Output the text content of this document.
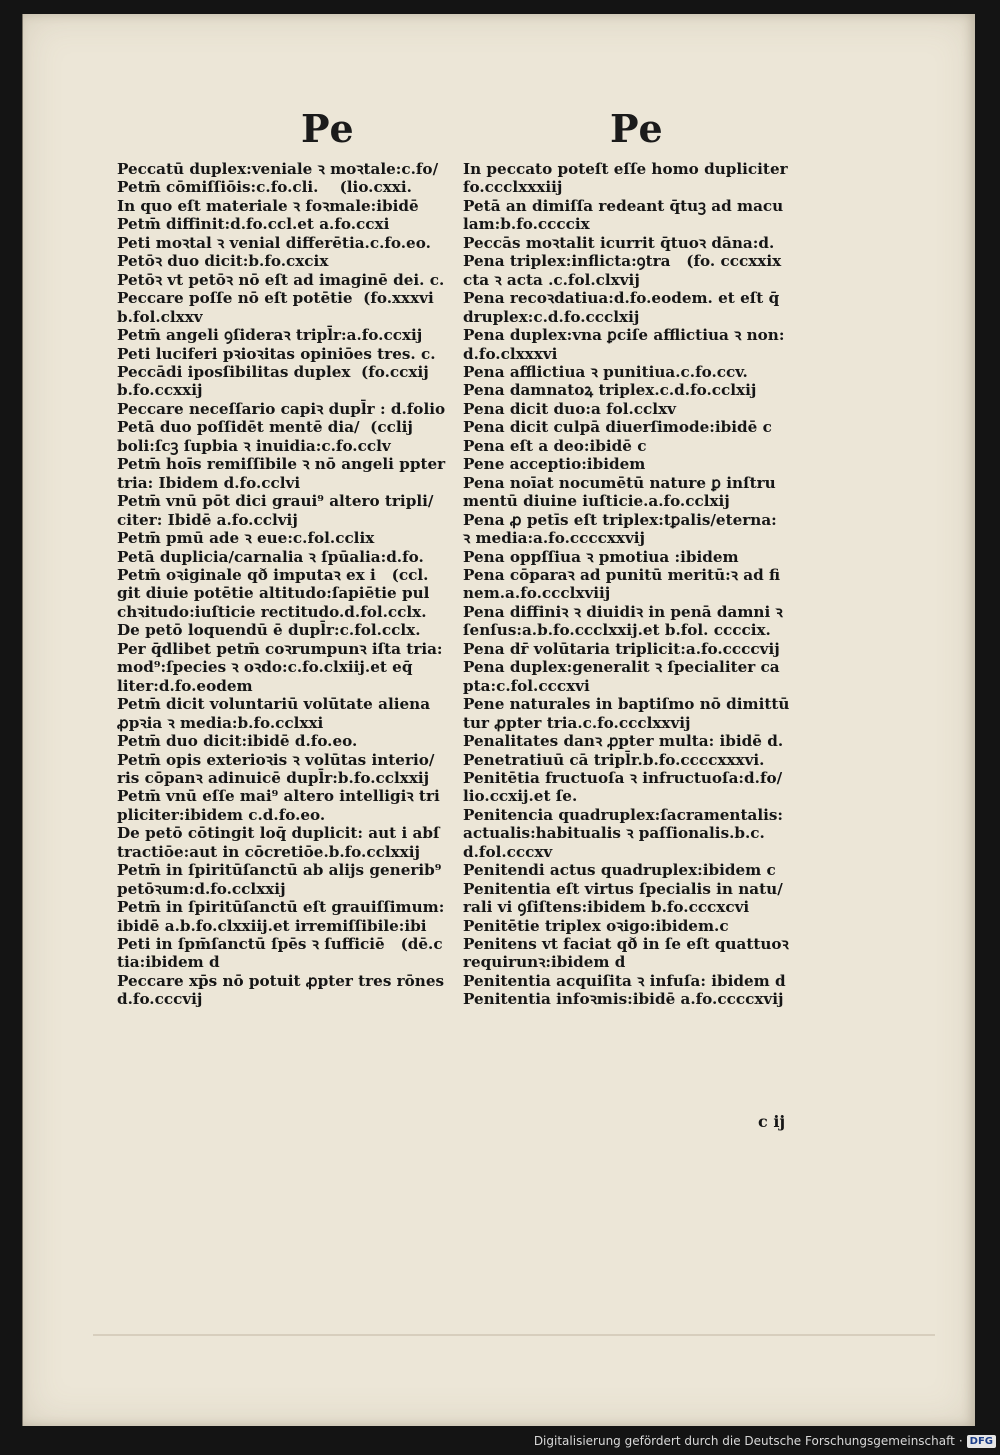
Pe	Pe
Peccatū duplex:veniale ꝛ moꝛtale:c.fo/
Petm̄ cōmiſſiōis:c.fo.cli.    (lio.cxxi.
In quo eſt materiale ꝛ foꝛmale:ibidē
Petm̄ diffinit:d.fo.ccl.et a.fo.ccxi
Peti moꝛtal ꝛ venial differētia.c.fo.eo.
Petōꝛ duo dicit:b.fo.cxcix
Petōꝛ vt petōꝛ nō eſt ad imaginē dei. c.
Peccare poſſe nō eſt potētie  (fo.xxxvi
b.fol.clxxv
Petm̄ angeli ꝯſideraꝛ tripl̄r:a.fo.ccxij
Peti luciferi pꝛioꝛitas opiniōes tres. c.
Peccādi iposſibilitas duplex  (fo.ccxij
b.fo.ccxxij
Peccare neceſſario capiꝛ dupl̄r : d.folio
Petā duo poſſidēt mentē dia/  (cclij
boli:ſcꝫ ſupbia ꝛ inuidia:c.fo.cclv
Petm̄ hoīs remiſſibile ꝛ nō angeli ppter
tria: Ibidem d.fo.cclvi
Petm̄ vnū pōt dici graui⁹ altero tripli/
citer: Ibidē a.fo.cclvij
Petm̄ pmū ade ꝛ eue:c.fol.cclix
Petā duplicia/carnalia ꝛ ſpūalia:d.fo.
Petm̄ oꝛiginale qð imputaꝛ ex i   (ccl.
git diuie potētie altitudo:ſapiētie pul
chꝛitudo:iuſticie rectitudo.d.fol.cclx.
De petō loquendū ē dupl̄r:c.fol.cclx.
Per q̄dlibet petm̄ coꝛrumpunꝛ iſta tria:
mod⁹:ſpecies ꝛ oꝛdo:c.fo.clxiij.et eq̄
liter:d.fo.eodem
Petm̄ dicit voluntariū volūtate aliena
ꝓpꝛia ꝛ media:b.fo.cclxxi
Petm̄ duo dicit:ibidē d.fo.eo.
Petm̄ opis exterioꝛis ꝛ volūtas interio/
ris cōpanꝛ adinuicē dupl̄r:b.fo.cclxxij
Petm̄ vnū eſſe mai⁹ altero intelligiꝛ tri
pliciter:ibidem c.d.fo.eo.
De petō cōtingit loq̄ duplicit: aut i abſ
tractiōe:aut in cōcretiōe.b.fo.cclxxij
Petm̄ in ſpiritūſanctū ab alijs generib⁹
petōꝛum:d.fo.cclxxij
Petm̄ in ſpiritūſanctū eſt grauiſſimum:
ibidē a.b.fo.clxxiij.et irremiſſibile:ibi
Peti in ſpm̄ſanctū ſpēs ꝛ ſufficiē   (dē.c
tia:ibidem d
Peccare xp̄s nō potuit ꝓpter tres rōnes
d.fo.cccvij
In peccato poteſt eſſe homo dupliciter
fo.ccclxxxiij
Petā an dimiſſa redeant q̄tuꝫ ad macu
lam:b.fo.ccccix
Peccās moꝛtalit icurrit q̄tuoꝛ dāna:d.
Pena triplex:inflicta:ꝯtra   (fo. cccxxix
cta ꝛ acta .c.fol.clxvij
Pena recoꝛdatiua:d.fo.eodem. et eſt q̄
druplex:c.d.fo.ccclxij
Pena duplex:vna ꝑciſe afflictiua ꝛ non:
d.fo.clxxxvi
Pena afflictiua ꝛ punitiua.c.fo.ccv.
Pena damnatoꝝ triplex.c.d.fo.cclxij
Pena dicit duo:a fol.cclxv
Pena dicit culpā diuerſimode:ibidē c
Pena eſt a deo:ibidē c
Pene acceptio:ibidem
Pena noīat nocumētū nature ꝑ inſtru
mentū diuine iuſticie.a.fo.cclxij
Pena ꝓ petīs eſt triplex:tꝑalis/eterna:
ꝛ media:a.fo.ccccxxvij
Pena oppſſiua ꝛ pmotiua :ibidem
Pena cōparaꝛ ad punitū meritū:ꝛ ad fi
nem.a.fo.ccclxviij
Pena diffiniꝛ ꝛ diuidiꝛ in penā damni ꝛ
ſenſus:a.b.fo.ccclxxij.et b.fol. ccccix.
Pena dr̄ volūtaria triplicit:a.fo.ccccvij
Pena duplex:generalit ꝛ ſpecialiter ca
pta:c.fol.cccxvi
Pene naturales in baptiſmo nō dimittū
tur ꝓpter tria.c.fo.ccclxxvij
Penalitates danꝛ ꝓpter multa: ibidē d.
Penetratiuū cā tripl̄r.b.fo.ccccxxxvi.
Penitētia fructuoſa ꝛ infructuoſa:d.fo/
lio.ccxij.et ſe.
Penitencia quadruplex:ſacramentalis:
actualis:habitualis ꝛ paſſionalis.b.c.
d.fol.cccxv
Penitendi actus quadruplex:ibidem c
Penitentia eſt virtus ſpecialis in natu/
rali vi ꝯſiſtens:ibidem b.fo.cccxcvi
Penitētie triplex oꝛigo:ibidem.c
Penitens vt faciat qð in ſe eſt quattuoꝛ
requirunꝛ:ibidem d
Penitentia acquiſita ꝛ infuſa: ibidem d
Penitentia infoꝛmis:ibidē a.fo.ccccxvij
c ij
Digitalisierung gefördert durch die Deutsche Forschungsgemeinschaft · DFG
